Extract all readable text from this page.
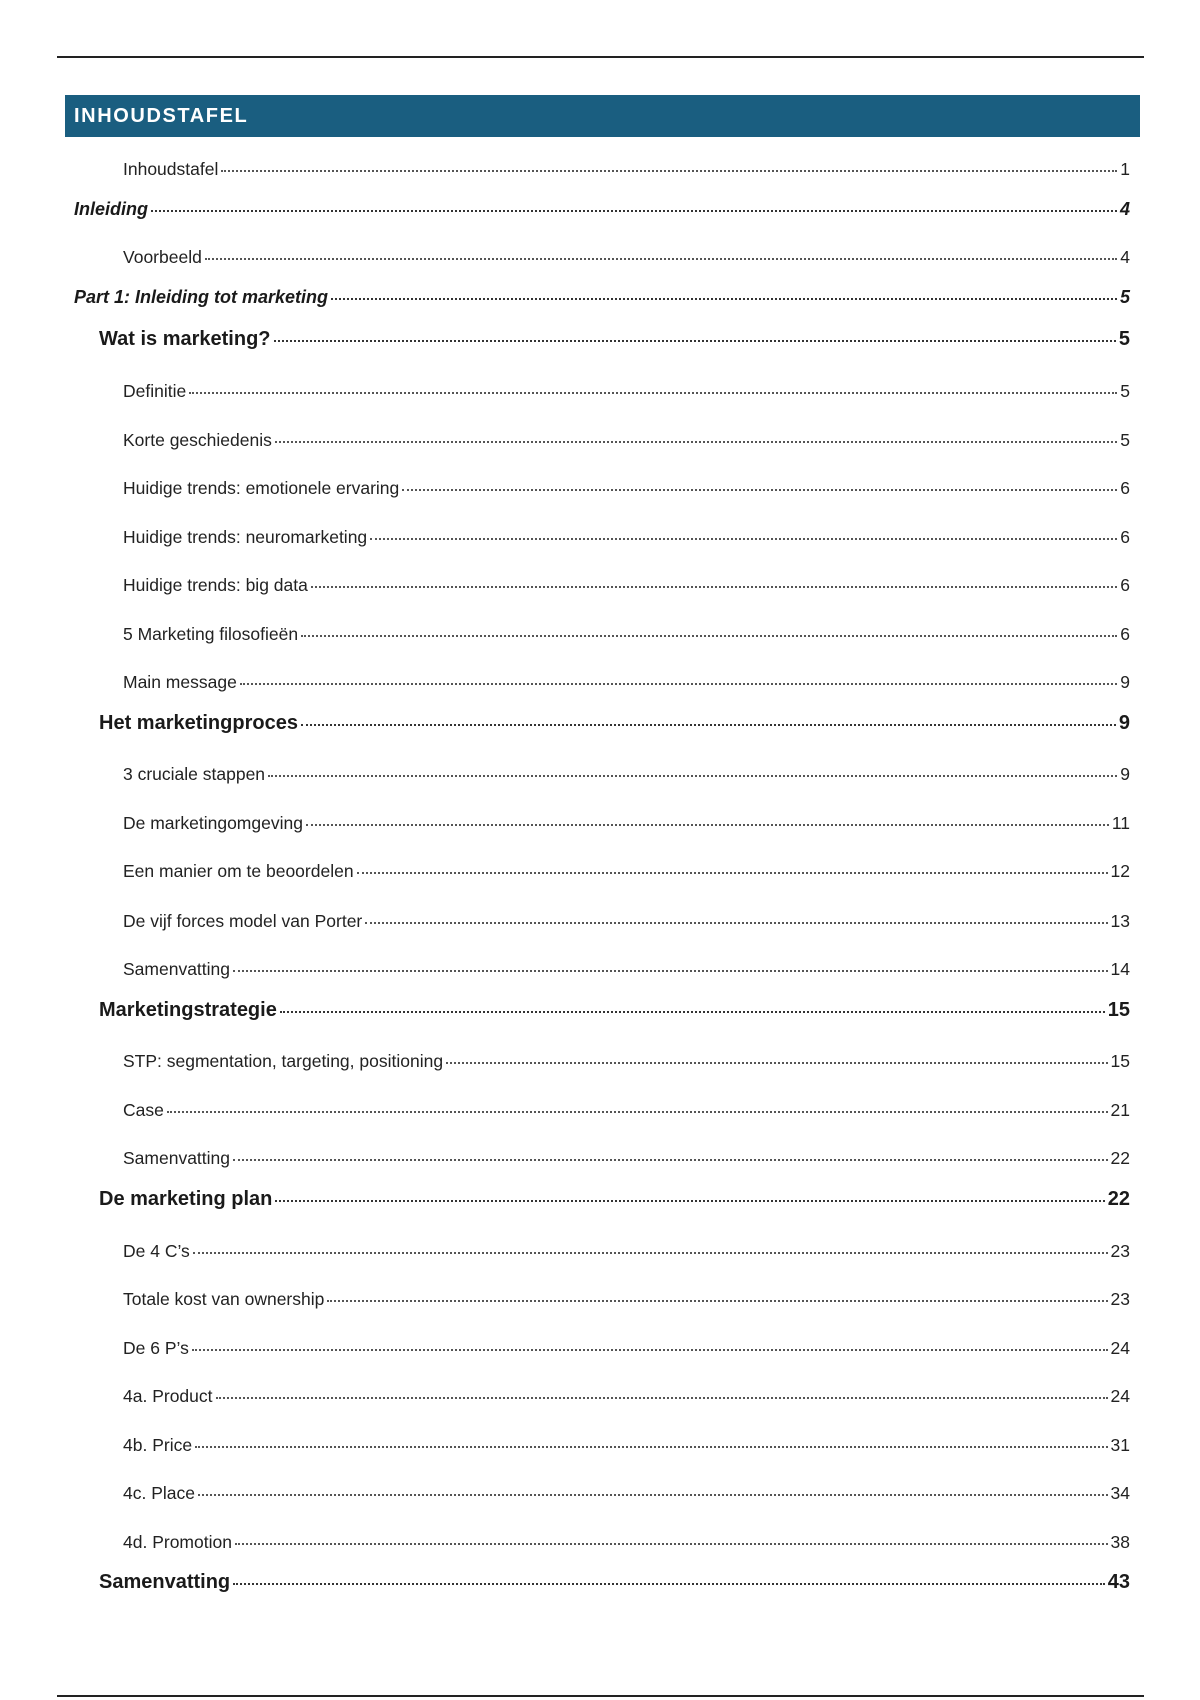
INHOUDSTAFEL
Inhoudstafel	1
Inleiding	4
Voorbeeld	4
Part 1: Inleiding tot marketing	5
Wat is marketing?	5
Definitie	5
Korte geschiedenis	5
Huidige trends: emotionele ervaring	6
Huidige trends: neuromarketing	6
Huidige trends: big data	6
5 Marketing filosofieën	6
Main message	9
Het marketingproces	9
3 cruciale stappen	9
De marketingomgeving	11
Een manier om te beoordelen	12
De vijf forces model van Porter	13
Samenvatting	14
Marketingstrategie	15
STP: segmentation, targeting, positioning	15
Case	21
Samenvatting	22
De marketing plan	22
De 4 C’s	23
Totale kost van ownership	23
De 6 P’s	24
4a. Product	24
4b. Price	31
4c. Place	34
4d. Promotion	38
Samenvatting	43
